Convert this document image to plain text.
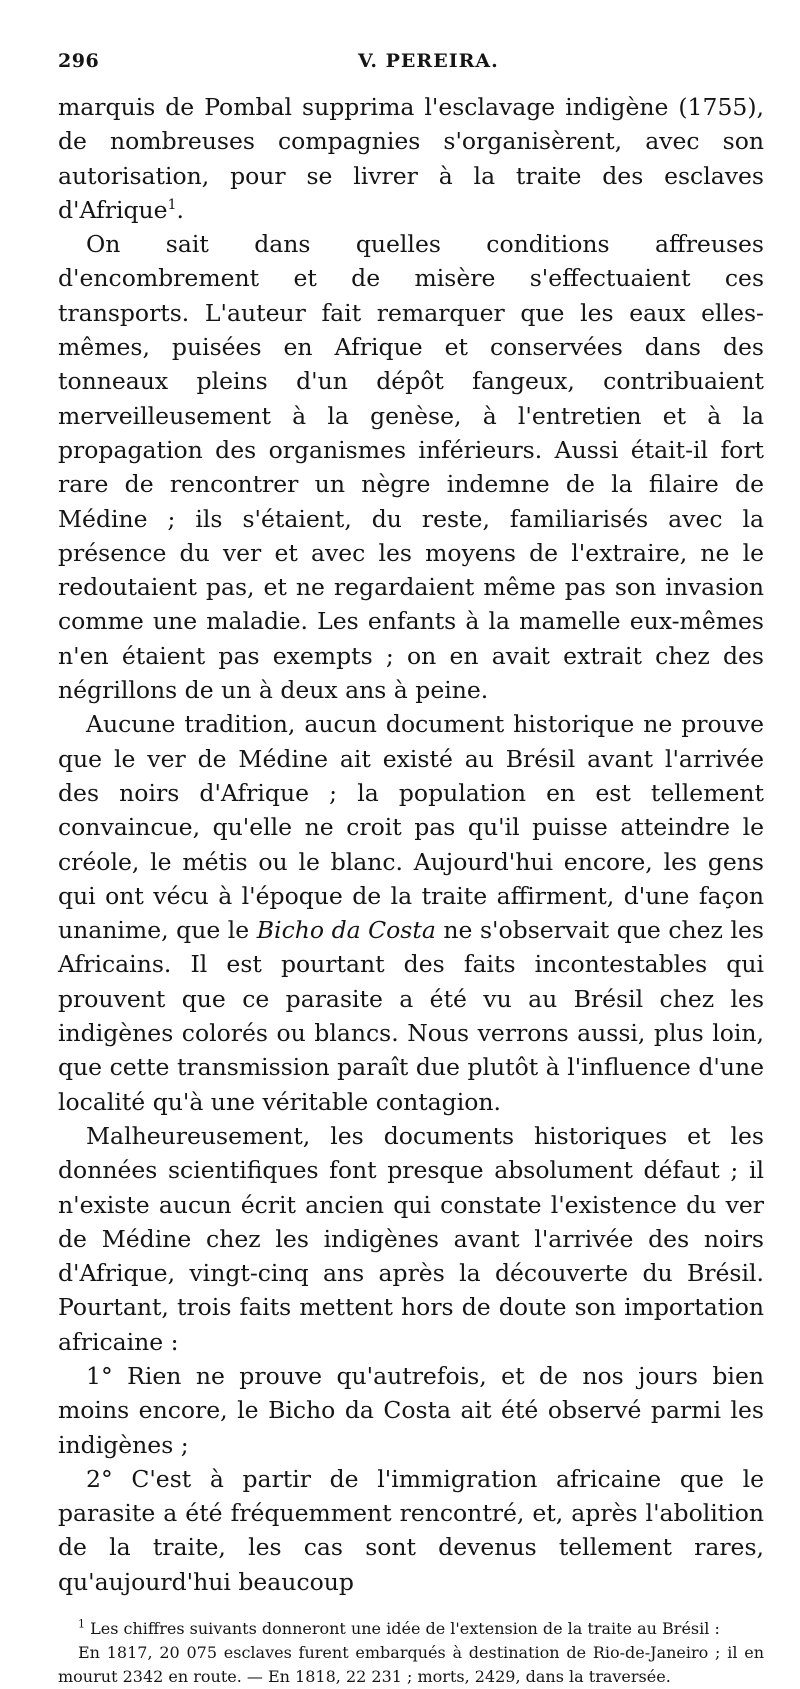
296	V. PEREIRA.

marquis de Pombal supprima l'esclavage indigène (1755), de nombreuses compagnies s'organisèrent, avec son autorisation, pour se livrer à la traite des esclaves d'Afrique$^1$.

On sait dans quelles conditions affreuses d'encombrement et de misère s'effectuaient ces transports. L'auteur fait remarquer que les eaux elles-mêmes, puisées en Afrique et conservées dans des tonneaux pleins d'un dépôt fangeux, contribuaient merveilleusement à la genèse, à l'entretien et à la propagation des organismes inférieurs. Aussi était-il fort rare de rencontrer un nègre indemne de la filaire de Médine ; ils s'étaient, du reste, familiarisés avec la présence du ver et avec les moyens de l'extraire, ne le redoutaient pas, et ne regardaient même pas son invasion comme une maladie. Les enfants à la mamelle eux-mêmes n'en étaient pas exempts ; on en avait extrait chez des négrillons de un à deux ans à peine.

Aucune tradition, aucun document historique ne prouve que le ver de Médine ait existé au Brésil avant l'arrivée des noirs d'Afrique ; la population en est tellement convaincue, qu'elle ne croit pas qu'il puisse atteindre le créole, le métis ou le blanc. Aujourd'hui encore, les gens qui ont vécu à l'époque de la traite affirment, d'une façon unanime, que le Bicho da Costa ne s'observait que chez les Africains. Il est pourtant des faits incontestables qui prouvent que ce parasite a été vu au Brésil chez les indigènes colorés ou blancs. Nous verrons aussi, plus loin, que cette transmission paraît due plutôt à l'influence d'une localité qu'à une véritable contagion.

Malheureusement, les documents historiques et les données scientifiques font presque absolument défaut ; il n'existe aucun écrit ancien qui constate l'existence du ver de Médine chez les indigènes avant l'arrivée des noirs d'Afrique, vingt-cinq ans après la découverte du Brésil. Pourtant, trois faits mettent hors de doute son importation africaine :

1° Rien ne prouve qu'autrefois, et de nos jours bien moins encore, le Bicho da Costa ait été observé parmi les indigènes ;

2° C'est à partir de l'immigration africaine que le parasite a été fréquemment rencontré, et, après l'abolition de la traite, les cas sont devenus tellement rares, qu'aujourd'hui beaucoup

$^1$ Les chiffres suivants donneront une idée de l'extension de la traite au Brésil :

En 1817, 20 075 esclaves furent embarqués à destination de Rio-de-Janeiro ; il en mourut 2342 en route. — En 1818, 22 231 ; morts, 2429, dans la traversée.
